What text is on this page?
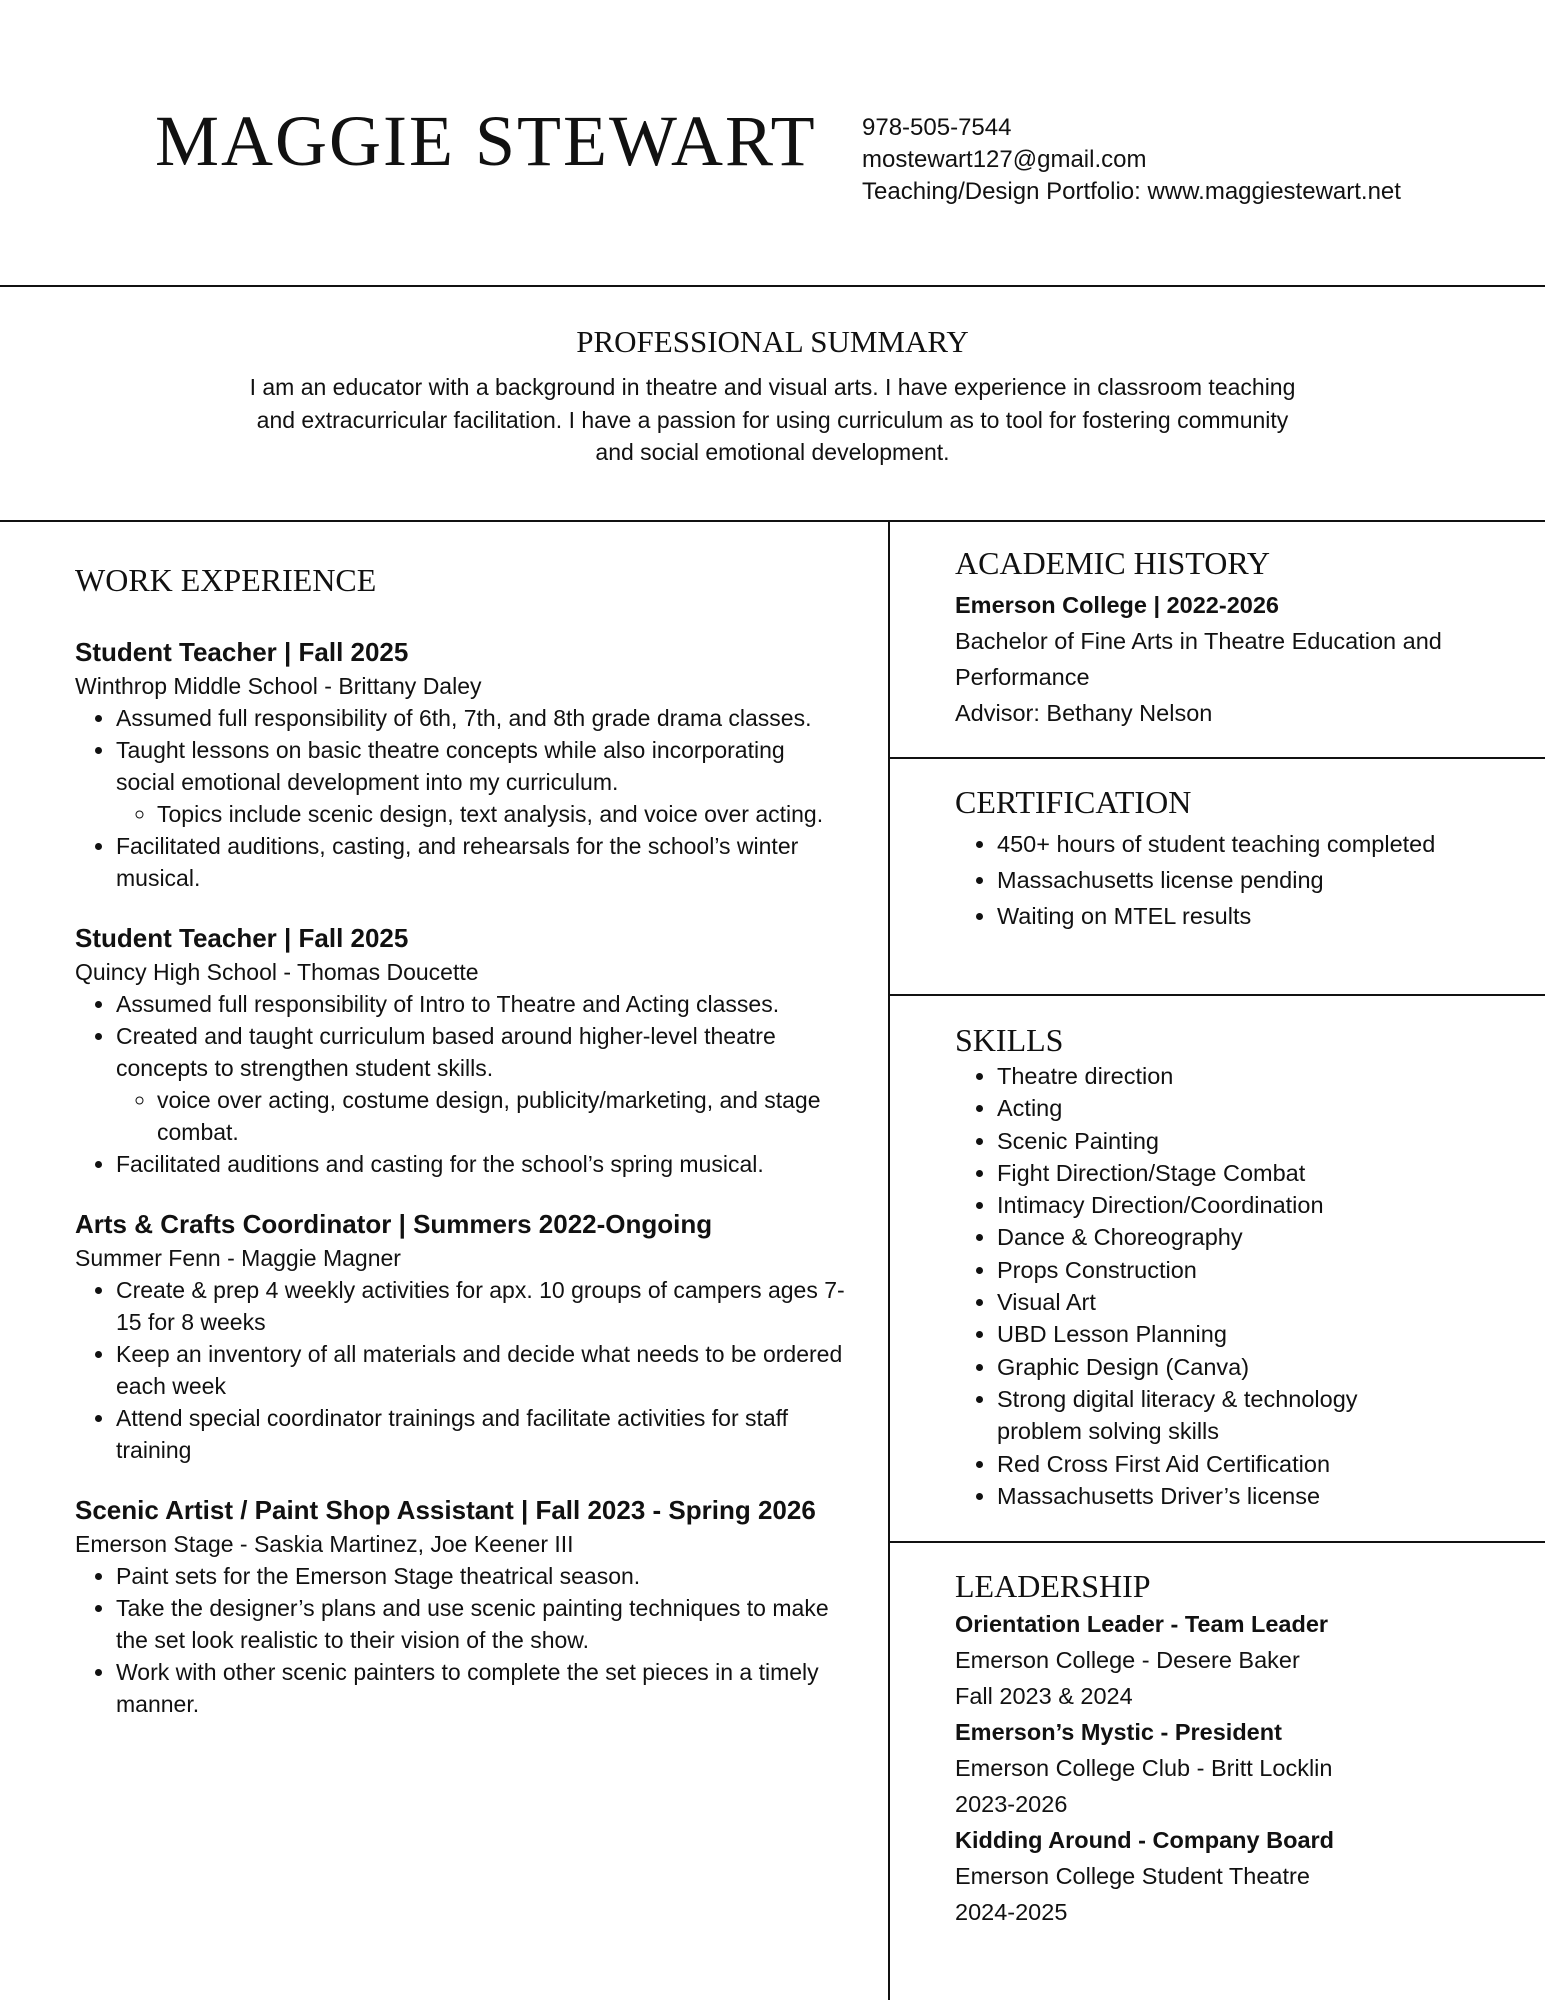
MAGGIE STEWART 978-505-7544
mostewart127@gmail.com
Teaching/Design Portfolio: www.maggiestewart.net
PROFESSIONAL SUMMARY
I am an educator with a background in theatre and visual arts. I have experience in classroom teaching and extracurricular facilitation. I have a passion for using curriculum as to tool for fostering community and social emotional development.
WORK EXPERIENCE
Student Teacher | Fall 2025
Winthrop Middle School - Brittany Daley
• Assumed full responsibility of 6th, 7th, and 8th grade drama classes.
• Taught lessons on basic theatre concepts while also incorporating social emotional development into my curriculum.
◦ Topics include scenic design, text analysis, and voice over acting.
• Facilitated auditions, casting, and rehearsals for the school’s winter musical.
Student Teacher | Fall 2025
Quincy High School - Thomas Doucette
• Assumed full responsibility of Intro to Theatre and Acting classes.
• Created and taught curriculum based around higher-level theatre concepts to strengthen student skills.
◦ voice over acting, costume design, publicity/marketing, and stage combat.
• Facilitated auditions and casting for the school’s spring musical.
Arts & Crafts Coordinator | Summers 2022-Ongoing
Summer Fenn - Maggie Magner
• Create & prep 4 weekly activities for apx. 10 groups of campers ages 7-15 for 8 weeks
• Keep an inventory of all materials and decide what needs to be ordered each week
• Attend special coordinator trainings and facilitate activities for staff training
Scenic Artist / Paint Shop Assistant | Fall 2023 - Spring 2026
Emerson Stage - Saskia Martinez, Joe Keener III
• Paint sets for the Emerson Stage theatrical season.
• Take the designer’s plans and use scenic painting techniques to make the set look realistic to their vision of the show.
• Work with other scenic painters to complete the set pieces in a timely manner.
ACADEMIC HISTORY
Emerson College | 2022-2026
Bachelor of Fine Arts in Theatre Education and Performance
Advisor: Bethany Nelson
CERTIFICATION
• 450+ hours of student teaching completed
• Massachusetts license pending
• Waiting on MTEL results
SKILLS
• Theatre direction
• Acting
• Scenic Painting
• Fight Direction/Stage Combat
• Intimacy Direction/Coordination
• Dance & Choreography
• Props Construction
• Visual Art
• UBD Lesson Planning
• Graphic Design (Canva)
• Strong digital literacy & technology problem solving skills
• Red Cross First Aid Certification
• Massachusetts Driver’s license
LEADERSHIP
Orientation Leader - Team Leader
Emerson College - Desere Baker
Fall 2023 & 2024
Emerson’s Mystic - President
Emerson College Club - Britt Locklin
2023-2026
Kidding Around - Company Board
Emerson College Student Theatre
2024-2025
